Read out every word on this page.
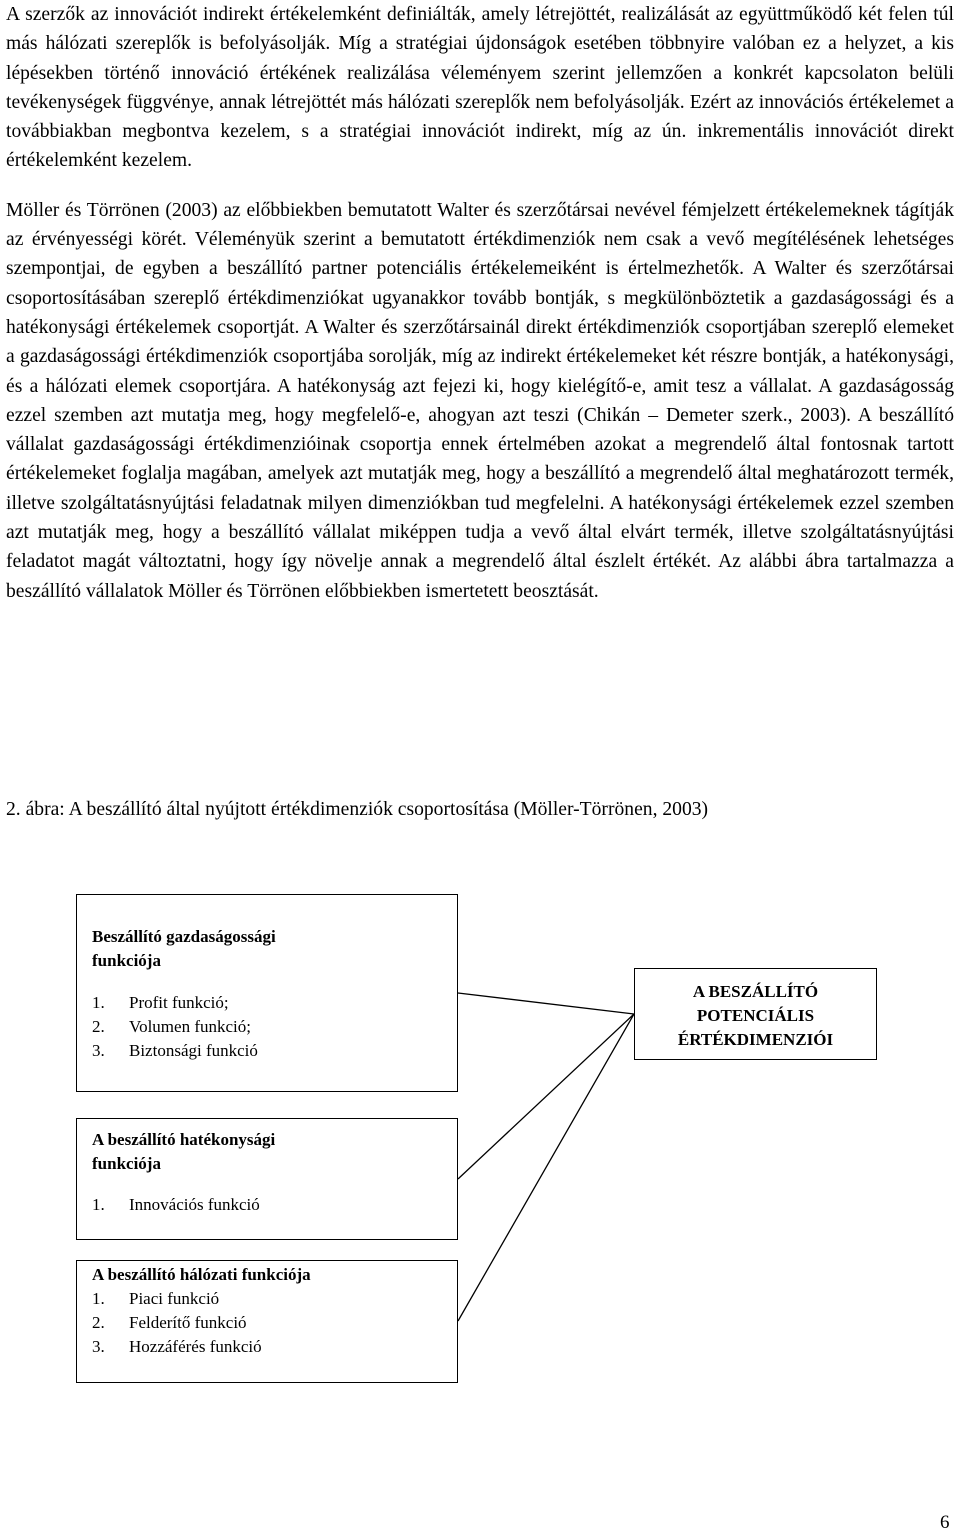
A szerzők az innovációt indirekt értékelemként definiálták, amely létrejöttét, realizálását az együttműködő két felen túl más hálózati szereplők is befolyásolják. Míg a stratégiai újdonságok esetében többnyire valóban ez a helyzet, a kis lépésekben történő innováció értékének realizálása véleményem szerint jellemzően a konkrét kapcsolaton belüli tevékenységek függvénye, annak létrejöttét más hálózati szereplők nem befolyásolják. Ezért az innovációs értékelemet a továbbiakban megbontva kezelem, s a stratégiai innovációt indirekt, míg az ún. inkrementális innovációt direkt értékelemként kezelem.

Möller és Törrönen (2003) az előbbiekben bemutatott Walter és szerzőtársai nevével fémjelzett értékelemeknek tágítják az érvényességi körét. Véleményük szerint a bemutatott értékdimenziók nem csak a vevő megítélésének lehetséges szempontjai, de egyben a beszállító partner potenciális értékelemeiként is értelmezhetők. A Walter és szerzőtársai csoportosításában szereplő értékdimenziókat ugyanakkor tovább bontják, s megkülönböztetik a gazdaságossági és a hatékonysági értékelemek csoportját. A Walter és szerzőtársainál direkt értékdimenziók csoportjában szereplő elemeket a gazdaságossági értékdimenziók csoportjába sorolják, míg az indirekt értékelemeket két részre bontják, a hatékonysági, és a hálózati elemek csoportjára. A hatékonyság azt fejezi ki, hogy kielégítő-e, amit tesz a vállalat. A gazdaságosság ezzel szemben azt mutatja meg, hogy megfelelő-e, ahogyan azt teszi (Chikán – Demeter szerk., 2003). A beszállító vállalat gazdaságossági értékdimenzióinak csoportja ennek értelmében azokat a megrendelő által fontosnak tartott értékelemeket foglalja magában, amelyek azt mutatják meg, hogy a beszállító a megrendelő által meghatározott termék, illetve szolgáltatásnyújtási feladatnak milyen dimenziókban tud megfelelni. A hatékonysági értékelemek ezzel szemben azt mutatják meg, hogy a beszállító vállalat miképpen tudja a vevő által elvárt termék, illetve szolgáltatásnyújtási feladatot magát változtatni, hogy így növelje annak a megrendelő által észlelt értékét. Az alábbi ábra tartalmazza a beszállító vállalatok Möller és Törrönen előbbiekben ismertetett beosztását.

2. ábra: A beszállító által nyújtott értékdimenziók csoportosítása (Möller-Törrönen, 2003)

Beszállító gazdaságossági funkciója

1.	Profit funkció;
2.	Volumen funkció;
3.	Biztonsági funkció

A beszállító hatékonysági funkciója

1.	Innovációs funkció

A beszállító hálózati funkciója

1.	Piaci funkció
2.	Felderítő funkció
3.	Hozzáférés funkció
A BESZÁLLÍTÓ
POTENCIÁLIS
ÉRTÉKDIMENZIÓI
6
